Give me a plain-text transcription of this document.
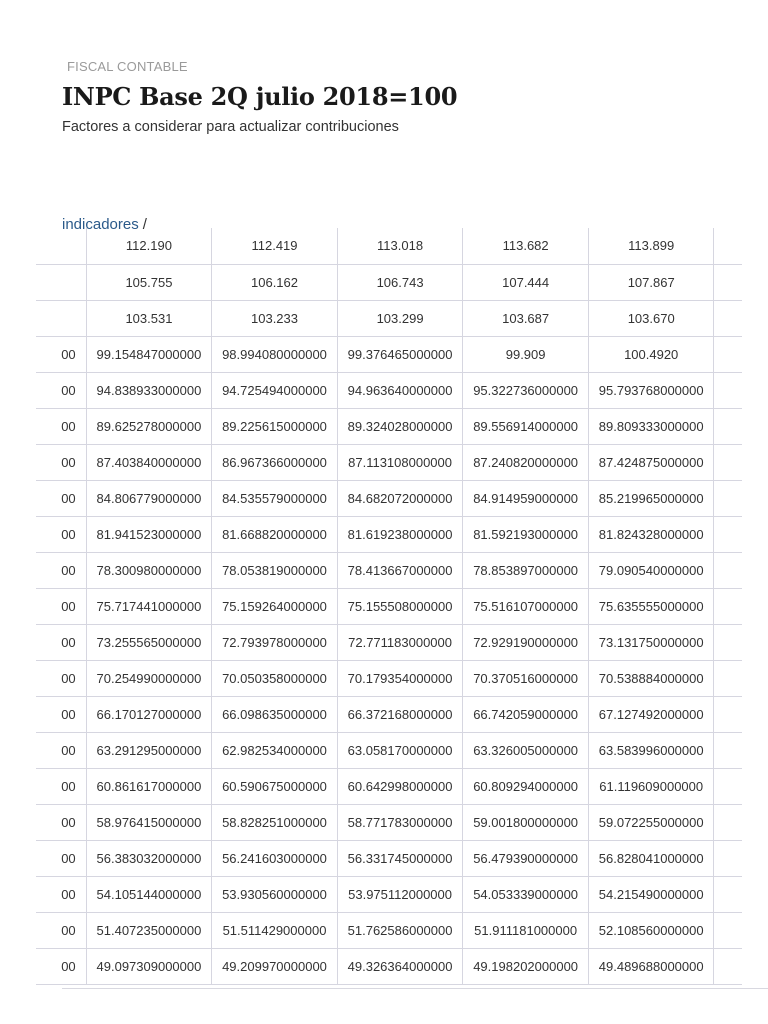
FISCAL CONTABLE

INPC Base 2Q julio 2018=100

Factores a considerar para actualizar contribuciones

indicadores /
	112.190	112.419	113.018	113.682	113.899	
	105.755	106.162	106.743	107.444	107.867	
	103.531	103.233	103.299	103.687	103.670	
00	99.154847000000	98.994080000000	99.376465000000	99.909	100.4920	
00	94.838933000000	94.725494000000	94.963640000000	95.322736000000	95.793768000000	
00	89.625278000000	89.225615000000	89.324028000000	89.556914000000	89.809333000000	
00	87.403840000000	86.967366000000	87.113108000000	87.240820000000	87.424875000000	
00	84.806779000000	84.535579000000	84.682072000000	84.914959000000	85.219965000000	
00	81.941523000000	81.668820000000	81.619238000000	81.592193000000	81.824328000000	
00	78.300980000000	78.053819000000	78.413667000000	78.853897000000	79.090540000000	
00	75.717441000000	75.159264000000	75.155508000000	75.516107000000	75.635555000000	
00	73.255565000000	72.793978000000	72.771183000000	72.929190000000	73.131750000000	
00	70.254990000000	70.050358000000	70.179354000000	70.370516000000	70.538884000000	
00	66.170127000000	66.098635000000	66.372168000000	66.742059000000	67.127492000000	
00	63.291295000000	62.982534000000	63.058170000000	63.326005000000	63.583996000000	
00	60.861617000000	60.590675000000	60.642998000000	60.809294000000	61.119609000000	
00	58.976415000000	58.828251000000	58.771783000000	59.001800000000	59.072255000000	
00	56.383032000000	56.241603000000	56.331745000000	56.479390000000	56.828041000000	
00	54.105144000000	53.930560000000	53.975112000000	54.053339000000	54.215490000000	
00	51.407235000000	51.511429000000	51.762586000000	51.911181000000	52.108560000000	
00	49.097309000000	49.209970000000	49.326364000000	49.198202000000	49.489688000000	
